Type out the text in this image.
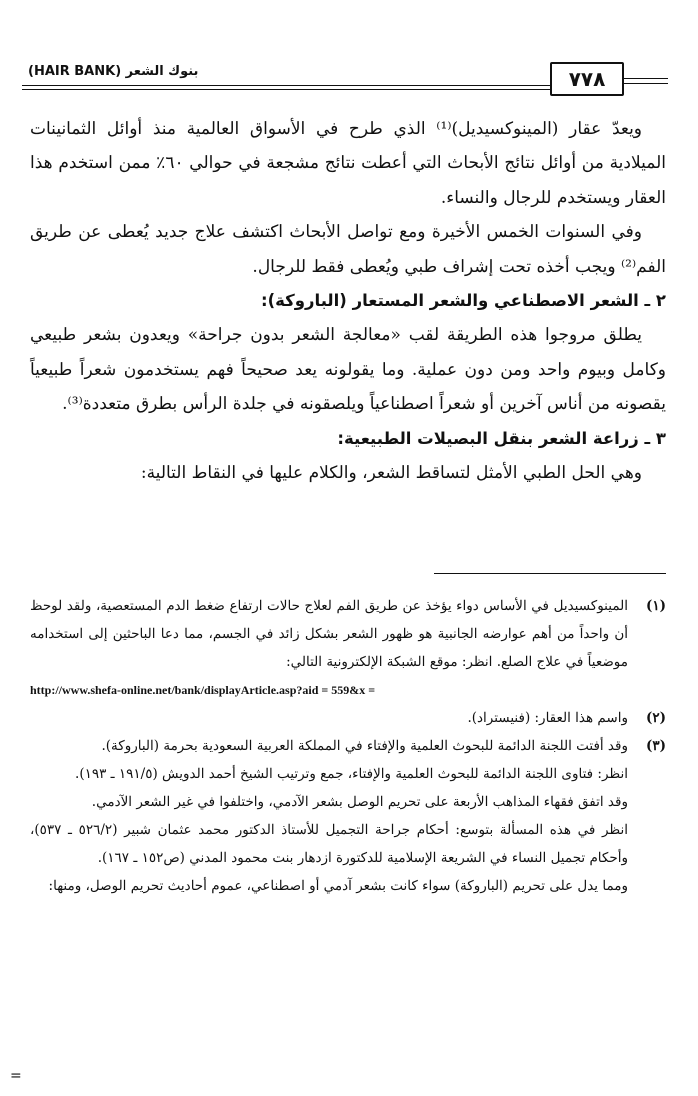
بنوك الشعر (HAIR BANK)	٧٧٨

ويعدّ عقار (المينوكسيديل)⁽¹⁾ الذي طرح في الأسواق العالمية منذ أوائل الثمانينات الميلادية من أوائل نتائج الأبحاث التي أعطت نتائج مشجعة في حوالي ٦٠٪ ممن استخدم هذا العقار ويستخدم للرجال والنساء.

وفي السنوات الخمس الأخيرة ومع تواصل الأبحاث اكتشف علاج جديد يُعطى عن طريق الفم⁽²⁾ ويجب أخذه تحت إشراف طبي ويُعطى فقط للرجال.

٢ ـ الشعر الاصطناعي والشعر المستعار (الباروكة):

يطلق مروجوا هذه الطريقة لقب «معالجة الشعر بدون جراحة» ويعدون بشعر طبيعي وكامل وبيوم واحد ومن دون عملية. وما يقولونه يعد صحيحاً فهم يستخدمون شعراً طبيعياً يقصونه من أناس آخرين أو شعراً اصطناعياً ويلصقونه في جلدة الرأس بطرق متعددة⁽³⁾.

٣ ـ زراعة الشعر بنقل البصيلات الطبيعية:

وهي الحل الطبي الأمثل لتساقط الشعر، والكلام عليها في النقاط التالية:

(١)
المينوكسيديل في الأساس دواء يؤخذ عن طريق الفم لعلاج حالات ارتفاع ضغط الدم المستعصية، ولقد لوحظ أن واحداً من أهم عوارضه الجانبية هو ظهور الشعر بشكل زائد في الجسم، مما دعا الباحثين إلى استخدامه موضعياً في علاج الصلع. انظر: موقع الشبكة الإلكترونية التالي:

http://www.shefa-online.net/bank/displayArticle.asp?aid = 559&x =

(٢)
واسم هذا العقار: (فنيستراد).
(٣)
وقد أفتت اللجنة الدائمة للبحوث العلمية والإفتاء في المملكة العربية السعودية بحرمة (الباروكة).

انظر: فتاوى اللجنة الدائمة للبحوث العلمية والإفتاء، جمع وترتيب الشيخ أحمد الدويش (١٩١/٥ ـ ١٩٣).

وقد اتفق فقهاء المذاهب الأربعة على تحريم الوصل بشعر الآدمي، واختلفوا في غير الشعر الآدمي.

انظر في هذه المسألة بتوسع: أحكام جراحة التجميل للأستاذ الدكتور محمد عثمان شبير (٥٢٦/٢ ـ ٥٣٧)، وأحكام تجميل النساء في الشريعة الإسلامية للدكتورة ازدهار بنت محمود المدني (ص١٥٢ ـ ١٦٧).

ومما يدل على تحريم (الباروكة) سواء كانت بشعر آدمي أو اصطناعي، عموم أحاديث تحريم الوصل، ومنها:

=
